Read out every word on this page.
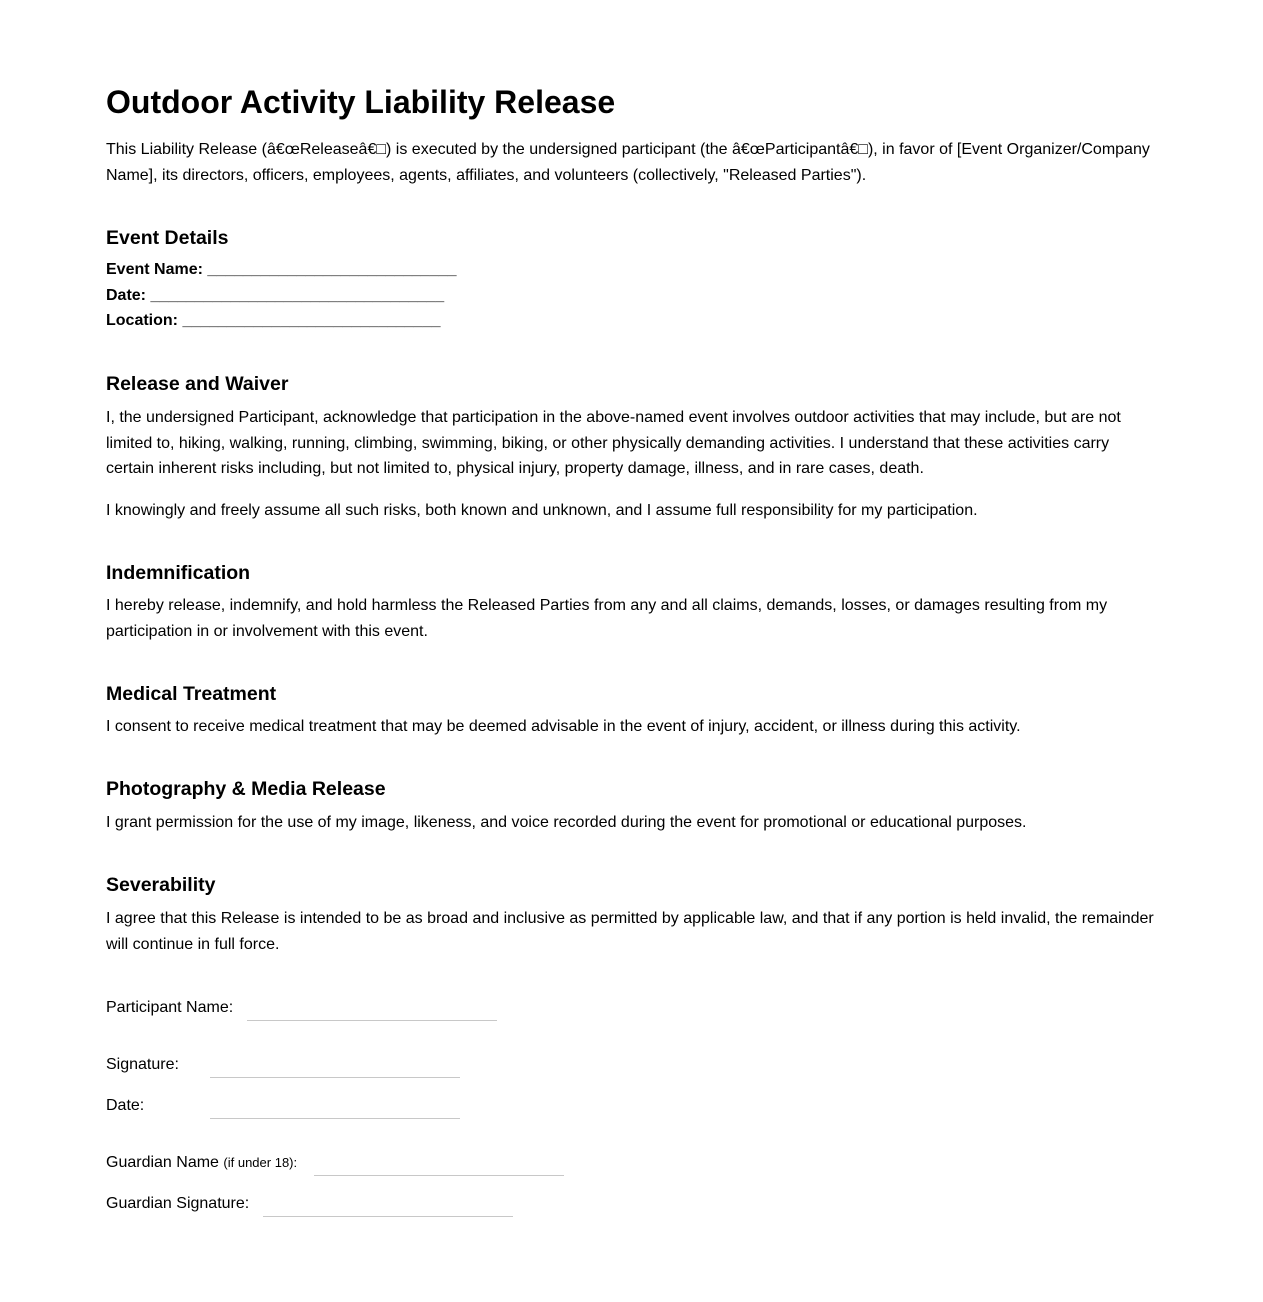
Outdoor Activity Liability Release

This Liability Release (â€œReleaseâ€□) is executed by the undersigned participant (the â€œParticipantâ€□), in favor of [Event Organizer/Company Name], its directors, officers, employees, agents, affiliates, and volunteers (collectively, "Released Parties").

Event Details
Event Name: ____________________________
Date: _________________________________
Location: _____________________________
Release and Waiver

I, the undersigned Participant, acknowledge that participation in the above-named event involves outdoor activities that may include, but are not limited to, hiking, walking, running, climbing, swimming, biking, or other physically demanding activities. I understand that these activities carry certain inherent risks including, but not limited to, physical injury, property damage, illness, and in rare cases, death.

I knowingly and freely assume all such risks, both known and unknown, and I assume full responsibility for my participation.

Indemnification

I hereby release, indemnify, and hold harmless the Released Parties from any and all claims, demands, losses, or damages resulting from my participation in or involvement with this event.

Medical Treatment

I consent to receive medical treatment that may be deemed advisable in the event of injury, accident, or illness during this activity.

Photography & Media Release

I grant permission for the use of my image, likeness, and voice recorded during the event for promotional or educational purposes.

Severability

I agree that this Release is intended to be as broad and inclusive as permitted by applicable law, and that if any portion is held invalid, the remainder will continue in full force.

Participant Name:
Signature:
Date:
Guardian Name (if under 18):
Guardian Signature:
